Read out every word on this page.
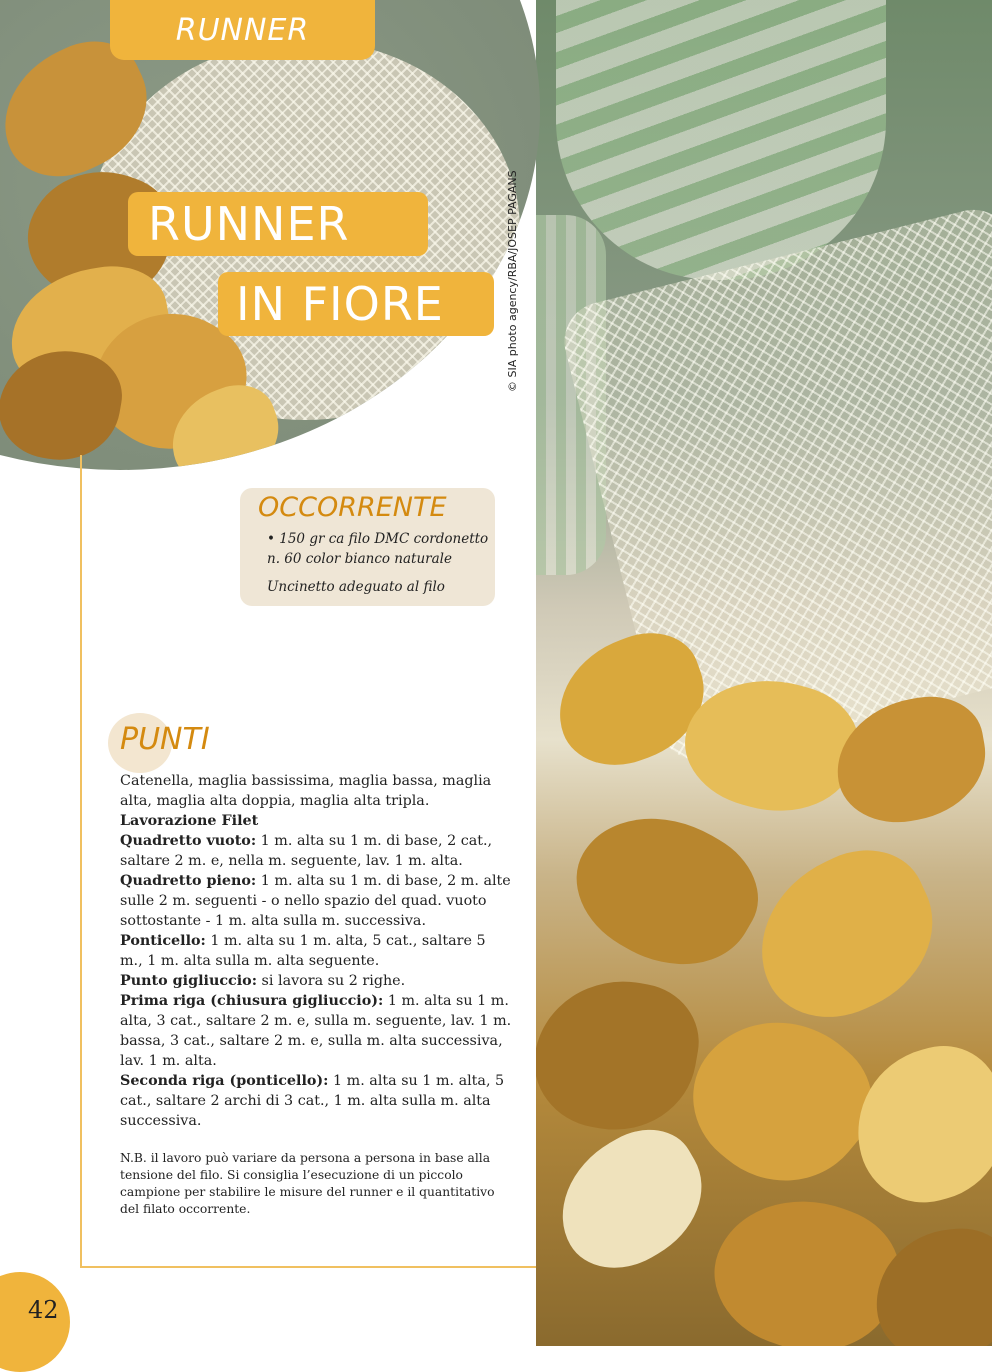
RUNNER
RUNNER
IN FIORE	© SIA photo agency/RBA/JOSEP PAGANS
OCCORRENTE
• 150 gr ca filo DMC cordonetto
n. 60 color bianco naturale
Uncinetto adeguato al filo
PUNTI

Catenella, maglia bassissima, maglia bassa, maglia alta, maglia alta doppia, maglia alta tripla.

Lavorazione Filet

Quadretto vuoto: 1 m. alta su 1 m. di base, 2 cat., saltare 2 m. e, nella m. seguente, lav. 1 m. alta.

Quadretto pieno: 1 m. alta su 1 m. di base, 2 m. alte sulle 2 m. seguenti - o nello spazio del quad. vuoto sottostante - 1 m. alta sulla m. successiva.

Ponticello: 1 m. alta su 1 m. alta, 5 cat., saltare 5 m., 1 m. alta sulla m. alta seguente.

Punto gigliuccio: si lavora su 2 righe.

Prima riga (chiusura gigliuccio): 1 m. alta su 1 m. alta, 3 cat., saltare 2 m. e, sulla m. seguente, lav. 1 m. bassa, 3 cat., saltare 2 m. e, sulla m. alta successiva, lav. 1 m. alta.

Seconda riga (ponticello): 1 m. alta su 1 m. alta, 5 cat., saltare 2 archi di 3 cat., 1 m. alta sulla m. alta successiva.

N.B. il lavoro può variare da persona a persona in base alla tensione del filo. Si consiglia l’esecuzione di un piccolo campione per stabilire le misure del runner e il quantitativo del filato occorrente.
42
